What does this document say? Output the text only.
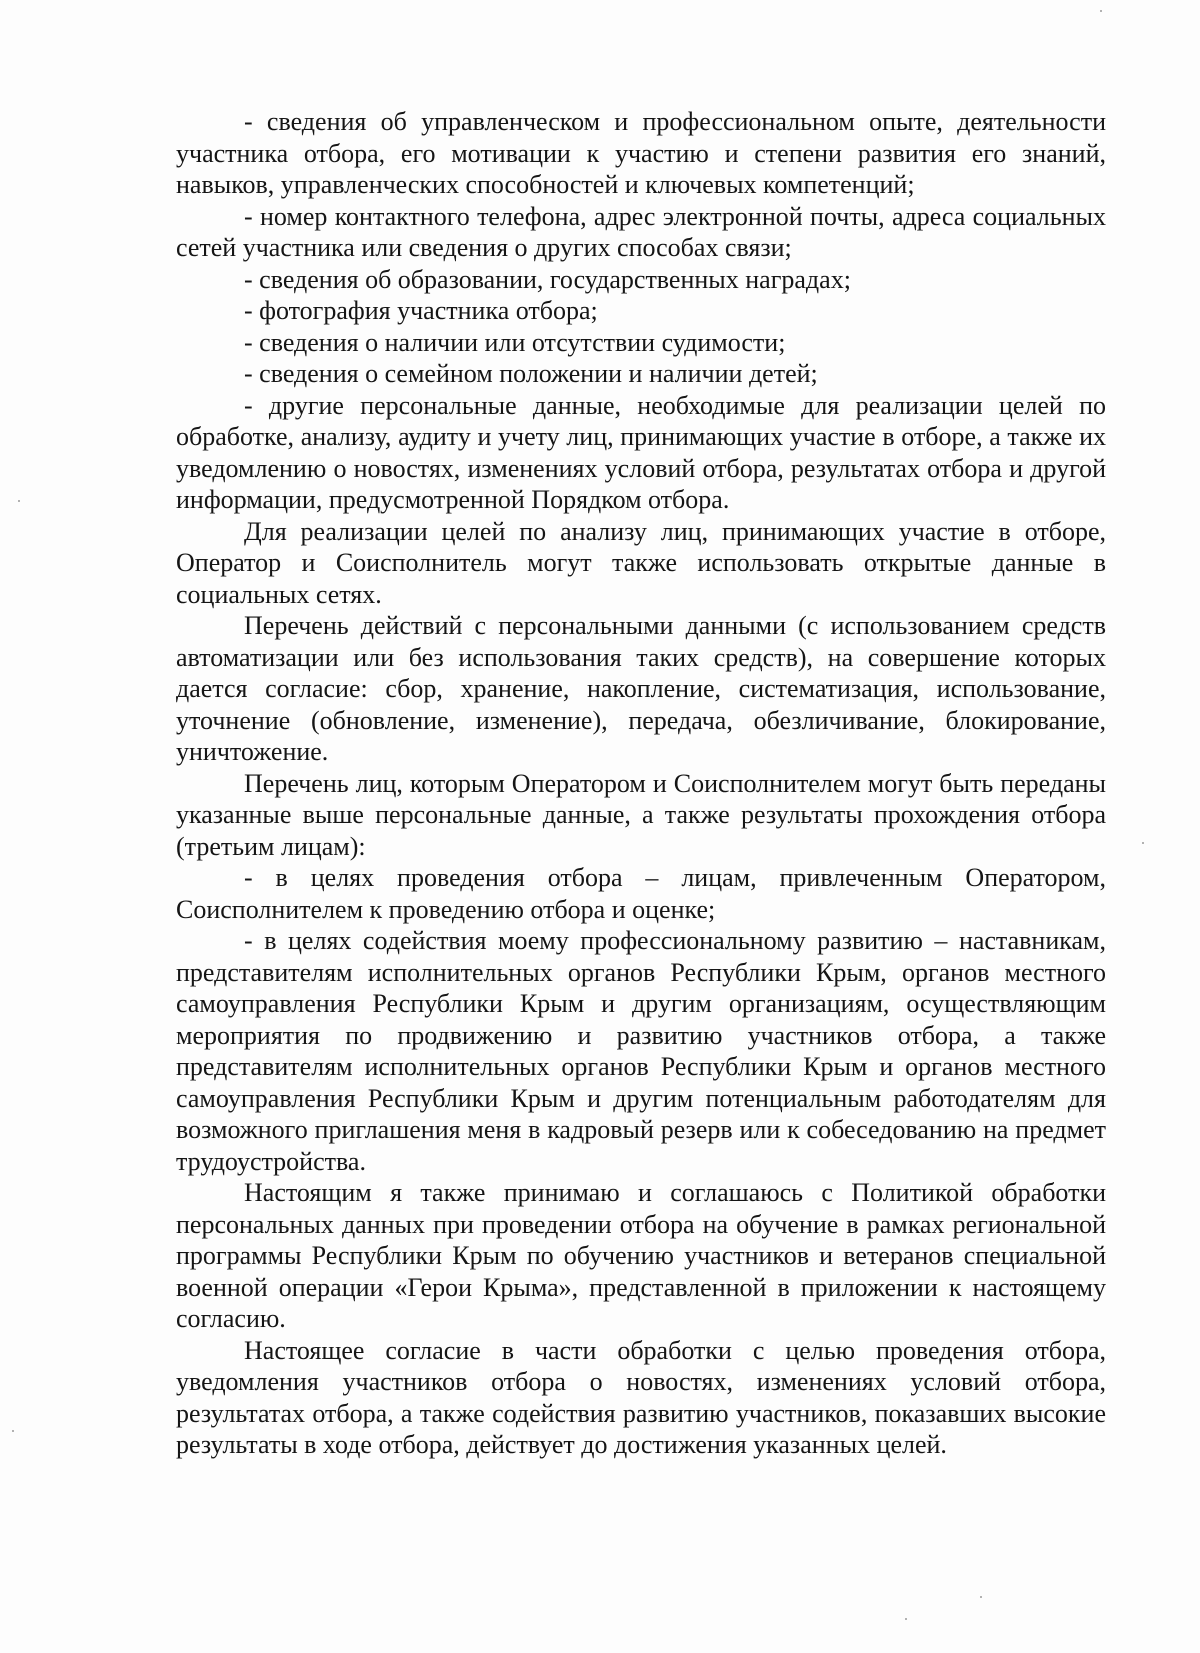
- сведения об управленческом и профессиональном опыте, деятельности участника отбора, его мотивации к участию и степени развития его знаний, навыков, управленческих способностей и ключевых компетенций;

- номер контактного телефона, адрес электронной почты, адреса социальных сетей участника или сведения о других способах связи;

- сведения об образовании, государственных наградах;

- фотография участника отбора;

- сведения о наличии или отсутствии судимости;

- сведения о семейном положении и наличии детей;

- другие персональные данные, необходимые для реализации целей по обработке, анализу, аудиту и учету лиц, принимающих участие в отборе, а также их уведомлению о новостях, изменениях условий отбора, результатах отбора и другой информации, предусмотренной Порядком отбора.

Для реализации целей по анализу лиц, принимающих участие в отборе, Оператор и Соисполнитель могут также использовать открытые данные в социальных сетях.

Перечень действий с персональными данными (с использованием средств автоматизации или без использования таких средств), на совершение которых дается согласие: сбор, хранение, накопление, систематизация, использование, уточнение (обновление, изменение), передача, обезличивание, блокирование, уничтожение.

Перечень лиц, которым Оператором и Соисполнителем могут быть переданы указанные выше персональные данные, а также результаты прохождения отбора (третьим лицам):

- в целях проведения отбора – лицам, привлеченным Оператором, Соисполнителем к проведению отбора и оценке;

- в целях содействия моему профессиональному развитию – наставникам, представителям исполнительных органов Республики Крым, органов местного самоуправления Республики Крым и другим организациям, осуществляющим мероприятия по продвижению и развитию участников отбора, а также представителям исполнительных органов Республики Крым и органов местного самоуправления Республики Крым и другим потенциальным работодателям для возможного приглашения меня в кадровый резерв или к собеседованию на предмет трудоустройства.

Настоящим я также принимаю и соглашаюсь с Политикой обработки персональных данных при проведении отбора на обучение в рамках региональной программы Республики Крым по обучению участников и ветеранов специальной военной операции «Герои Крыма», представленной в приложении к настоящему согласию.

Настоящее согласие в части обработки с целью проведения отбора, уведомления участников отбора о новостях, изменениях условий отбора, результатах отбора, а также содействия развитию участников, показавших высокие результаты в ходе отбора, действует до достижения указанных целей.
